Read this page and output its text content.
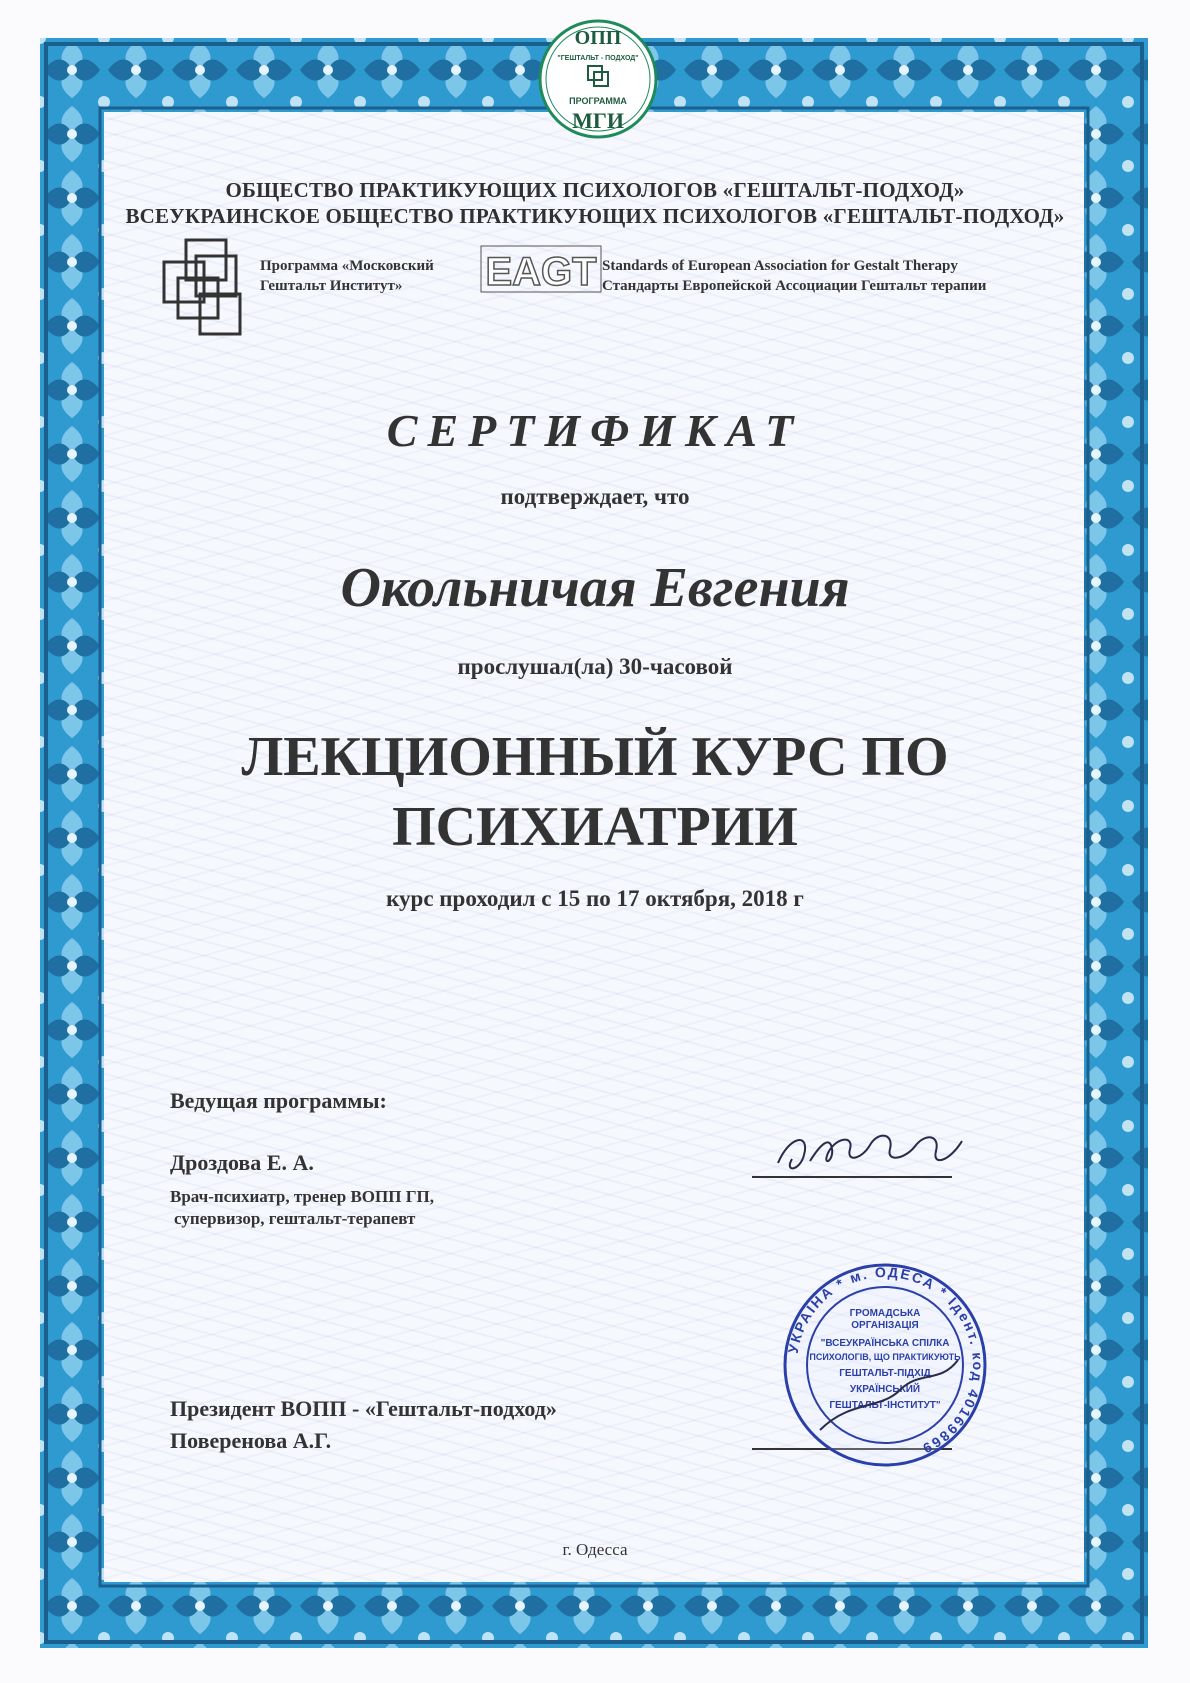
ОПП
"ГЕШТАЛЬТ - ПОДХОД"
ПРОГРАММА
МГИ
ОБЩЕСТВО ПРАКТИКУЮЩИХ ПСИХОЛОГОВ «ГЕШТАЛЬТ-ПОДХОД»
ВСЕУКРАИНСКОЕ ОБЩЕСТВО ПРАКТИКУЮЩИХ ПСИХОЛОГОВ «ГЕШТАЛЬТ-ПОДХОД»
Программа «Московский
Гештальт Институт»	EAGT Standards of European Association for Gestalt Therapy
Стандарты Европейской Ассоциации Гештальт терапии
СЕРТИФИКАТ
подтверждает, что
Окольничая Евгения
прослушал(ла) 30-часовой
ЛЕКЦИОННЫЙ КУРС ПО
ПСИХИАТРИИ
курс проходил с 15 по 17 октября, 2018 г
Ведущая программы:
Дроздова Е. А.
Врач-психиатр, тренер ВОПП ГП,
супервизор, гештальт-терапевт
Президент ВОПП - «Гештальт-подход»
Поверенова А.Г.
УКРАЇНА * м. ОДЕСА * Ідент. код 40169869
ГРОМАДСЬКА
ОРГАНІЗАЦІЯ
"ВСЕУКРАЇНСЬКА СПІЛКА
ПСИХОЛОГІВ, ЩО ПРАКТИКУЮТЬ
ГЕШТАЛЬТ-ПІДХІД
УКРАЇНСЬКИЙ
ГЕШТАЛЬТ-ІНСТИТУТ"
г. Одесса
